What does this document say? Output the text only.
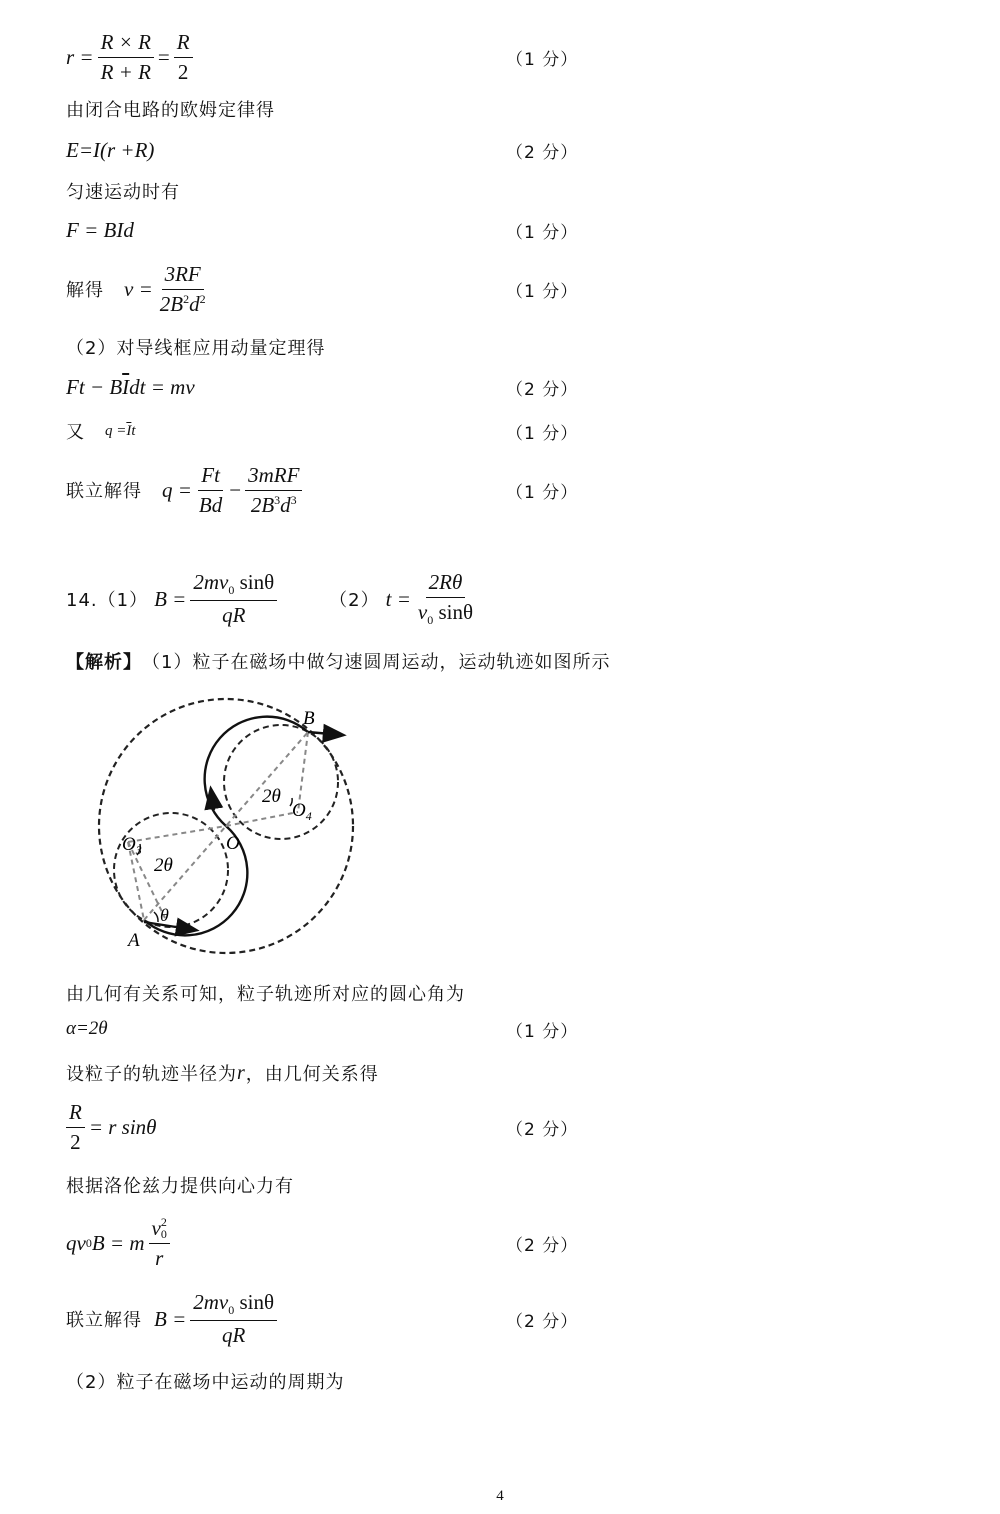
$r = \frac{R \times R}{R + R} = \frac{R}{2}$	（1 分）
由闭合电路的欧姆定律得
E=I(r +R)	（2 分）
匀速运动时有
F = BId	（1 分）
解得 $v = \frac{3RF}{2B^2d^2}$	（1 分）
（2）对导线框应用动量定理得
Ft − B $\overline{I}$ dt = mv	（2 分）
又 $q = \overline{I}$ t	（1 分）
联立解得 $q = \frac{Ft}{Bd} - \frac{\text{3mRF}}{2B^3d^3}$	（1 分）
14.（1） $B = \frac{2mv_0 \sin\theta}{qR}$	（2） $t = \frac{2R\theta}{v_0 \sin\theta}$
【解析】 （1）粒子在磁场中做匀速圆周运动，运动轨迹如图所示
B
2θ
$O_4$
O
$O_3$
2θ
θ
A
由几何有关系可知，粒子轨迹所对应的圆心角为
α=2θ	（1 分）
设粒子的轨迹半径为 r ，由几何关系得
$\frac{R}{2} = r$ sinθ	（2 分）
根据洛伦兹力提供向心力有
qv 0 B = m v 2
0
r	（2 分）
联立解得 $B = \frac{2mv_0 \sin\theta}{qR}$	（2 分）
（2）粒子在磁场中运动的周期为
4
